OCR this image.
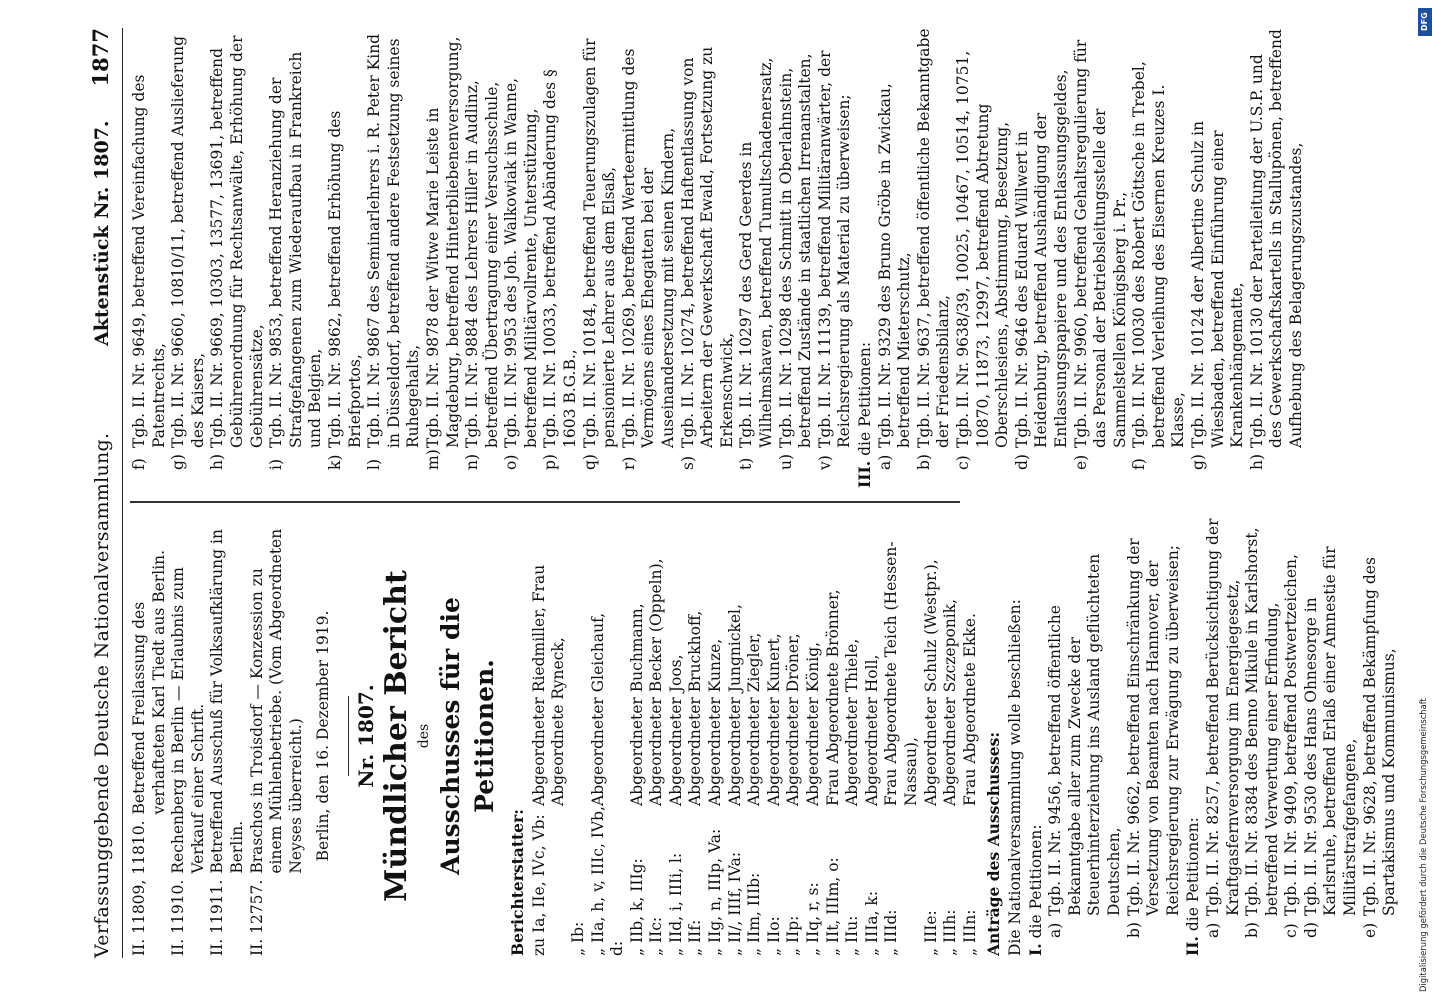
Verfassunggebende Deutsche Nationalversammlung.
Aktenstück Nr. 1807.
1877
II. 11809, 11810.
Betreffend Freilassung des verhafteten Karl Tiedt aus Berlin.
II. 11910.
Rechenberg in Berlin — Erlaubnis zum Verkauf einer Schrift.
II. 11911.
Betreffend Ausschuß für Volksaufklärung in Berlin.
II. 12757.
Braschos in Troisdorf — Konzession zu einem Mühlenbetriebe. (Vom Abgeordneten Neyses überreicht.) Berlin, den 16. Dezember 1919. Nr. 1807. Mündlicher Bericht des Ausschusses für die Petitionen.
Berichterstatter: zu Ia, IIe, IVc, Vb:
Abgeordneter Riedmiller, Frau Abgeordnete Ryneck,
„ Ib: „ IIa, h, v, IIIc, IVb, d:
Abgeordneter Gleichauf,
„ IIb, k, IIIg:
Abgeordneter Buchmann,
„ IIc:
Abgeordneter Becker (Oppeln),
„ IId, i, IIIi, l:
Abgeordneter Joos,
„ IIf:
Abgeordneter Bruckhoff,
„ IIg, n, IIIp, Va:
Abgeordneter Kunze,
„ II/, IIIf, IVa:
Abgeordneter Jungnickel,
„ IIm, IIIb:
Abgeordneter Ziegler,
„ IIo:
Abgeordneter Kunert,
„ IIp:
Abgeordneter Dröner,
„ IIq, r, s:
Abgeordneter König,
„ IIt, IIIm, o:
Frau Abgeordnete Brönner,
„ IIu:
Abgeordneter Thiele,
„ IIIa, k:
Abgeordneter Holl,
„ IIId:
Frau Abgeordnete Teich (Hessen-Nassau),
„ IIIe:
Abgeordneter Schulz (Westpr.),
„ IIIh:
Abgeordneter Szczeponik,
„ IIIn:
Frau Abgeordnete Ekke.
Anträge des Ausschusses: Die Nationalversammlung wolle beschließen: I. die Petitionen: a)
Tgb. II. Nr. 9456, betreffend öffentliche Bekanntgabe aller zum Zwecke der Steuerhinterziehung ins Ausland geflüchteten Deutschen,
b)
Tgb. II. Nr. 9662, betreffend Einschränkung der Versetzung von Beamten nach Hannover, der Reichsregierung zur Erwägung zu überweisen;
II. die Petitionen: a)
Tgb. II. Nr. 8257, betreffend Berücksichtigung der Kraftgasfernversorgung im Energiegesetz,
b)
Tgb. II. Nr. 8384 des Benno Mikule in Karlshorst, betreffend Verwertung einer Erfindung,
c)
Tgb. II. Nr. 9409, betreffend Postwertzeichen,
d)
Tgb. II. Nr. 9530 des Hans Ohnesorge in Karlsruhe, betreffend Erlaß einer Amnestie für Militärstrafgefangene,
e)
Tgb. II. Nr. 9628, betreffend Bekämpfung des Spartakismus und Kommunismus,
f)
Tgb. II. Nr. 9649, betreffend Vereinfachung des Patentrechts,
g)
Tgb. II. Nr. 9660, 10810/11, betreffend Auslieferung des Kaisers,
h)
Tgb. II. Nr. 9669, 10303, 13577, 13691, betreffend Gebührenordnung für Rechtsanwälte, Erhöhung der Gebührensätze,
i)
Tgb. II. Nr. 9853, betreffend Heranziehung der Strafgefangenen zum Wiederaufbau in Frankreich und Belgien,
k)
Tgb. II. Nr. 9862, betreffend Erhöhung des Briefportos,
l)
Tgb. II. Nr. 9867 des Seminarlehrers i. R. Peter Kind in Düsseldorf, betreffend andere Festsetzung seines Ruhegehalts,
m)
Tgb. II. Nr. 9878 der Witwe Marie Leiste in Magdeburg, betreffend Hinterbliebenenversorgung,
n)
Tgb. II. Nr. 9884 des Lehrers Hiller in Audlinz, betreffend Übertragung einer Versuchsschule,
o)
Tgb. II. Nr. 9953 des Joh. Walkowiak in Wanne, betreffend Militärvollrente, Unterstützung,
p)
Tgb. II. Nr. 10033, betreffend Abänderung des § 1603 B.G.B.,
q)
Tgb. II. Nr. 10184, betreffend Teuerungszulagen für pensionierte Lehrer aus dem Elsaß,
r)
Tgb. II. Nr. 10269, betreffend Werteermittlung des Vermögens eines Ehegatten bei der Auseinandersetzung mit seinen Kindern,
s)
Tgb. II. Nr. 10274, betreffend Haftentlassung von Arbeitern der Gewerkschaft Ewald, Fortsetzung zu Erkenschwick,
t)
Tgb. II. Nr. 10297 des Gerd Geerdes in Wilhelmshaven, betreffend Tumultschadenersatz,
u)
Tgb. II. Nr. 10298 des Schmitt in Oberlahnstein, betreffend Zustände in staatlichen Irrenanstalten,
v)
Tgb. II. Nr. 11139, betreffend Militäranwärter, der Reichsregierung als Material zu überweisen;
III. die Petitionen:
a)
Tgb. II. Nr. 9329 des Bruno Gröbe in Zwickau, betreffend Mieterschutz,
b)
Tgb. II. Nr. 9637, betreffend öffentliche Bekanntgabe der Friedensbilanz,
c)
Tgb. II. Nr. 9638/39, 10025, 10467, 10514, 10751, 10870, 11873, 12997, betreffend Abtretung Oberschlesiens, Abstimmung, Besetzung,
d)
Tgb. II. Nr. 9646 des Eduard Willwert in Heidenburg, betreffend Aushändigung der Entlassungspapiere und des Entlassungsgeldes,
e)
Tgb. II. Nr. 9960, betreffend Gehaltsregulierung für das Personal der Betriebsleitungsstelle der Sammelstellen Königsberg i. Pr.,
f)
Tgb. II. Nr. 10030 des Robert Göttsche in Trebel, betreffend Verleihung des Eisernen Kreuzes I. Klasse,
g)
Tgb. II. Nr. 10124 der Albertine Schulz in Wiesbaden, betreffend Einführung einer Krankenhängematte,
h)
Tgb. II. Nr. 10130 der Parteileitung der U.S.P. und des Gewerkschaftskartells in Stallupönen, betreffend Aufhebung des Belagerungszustandes,
DFG
Digitalisierung gefördert durch die Deutsche Forschungsgemeinschaft
